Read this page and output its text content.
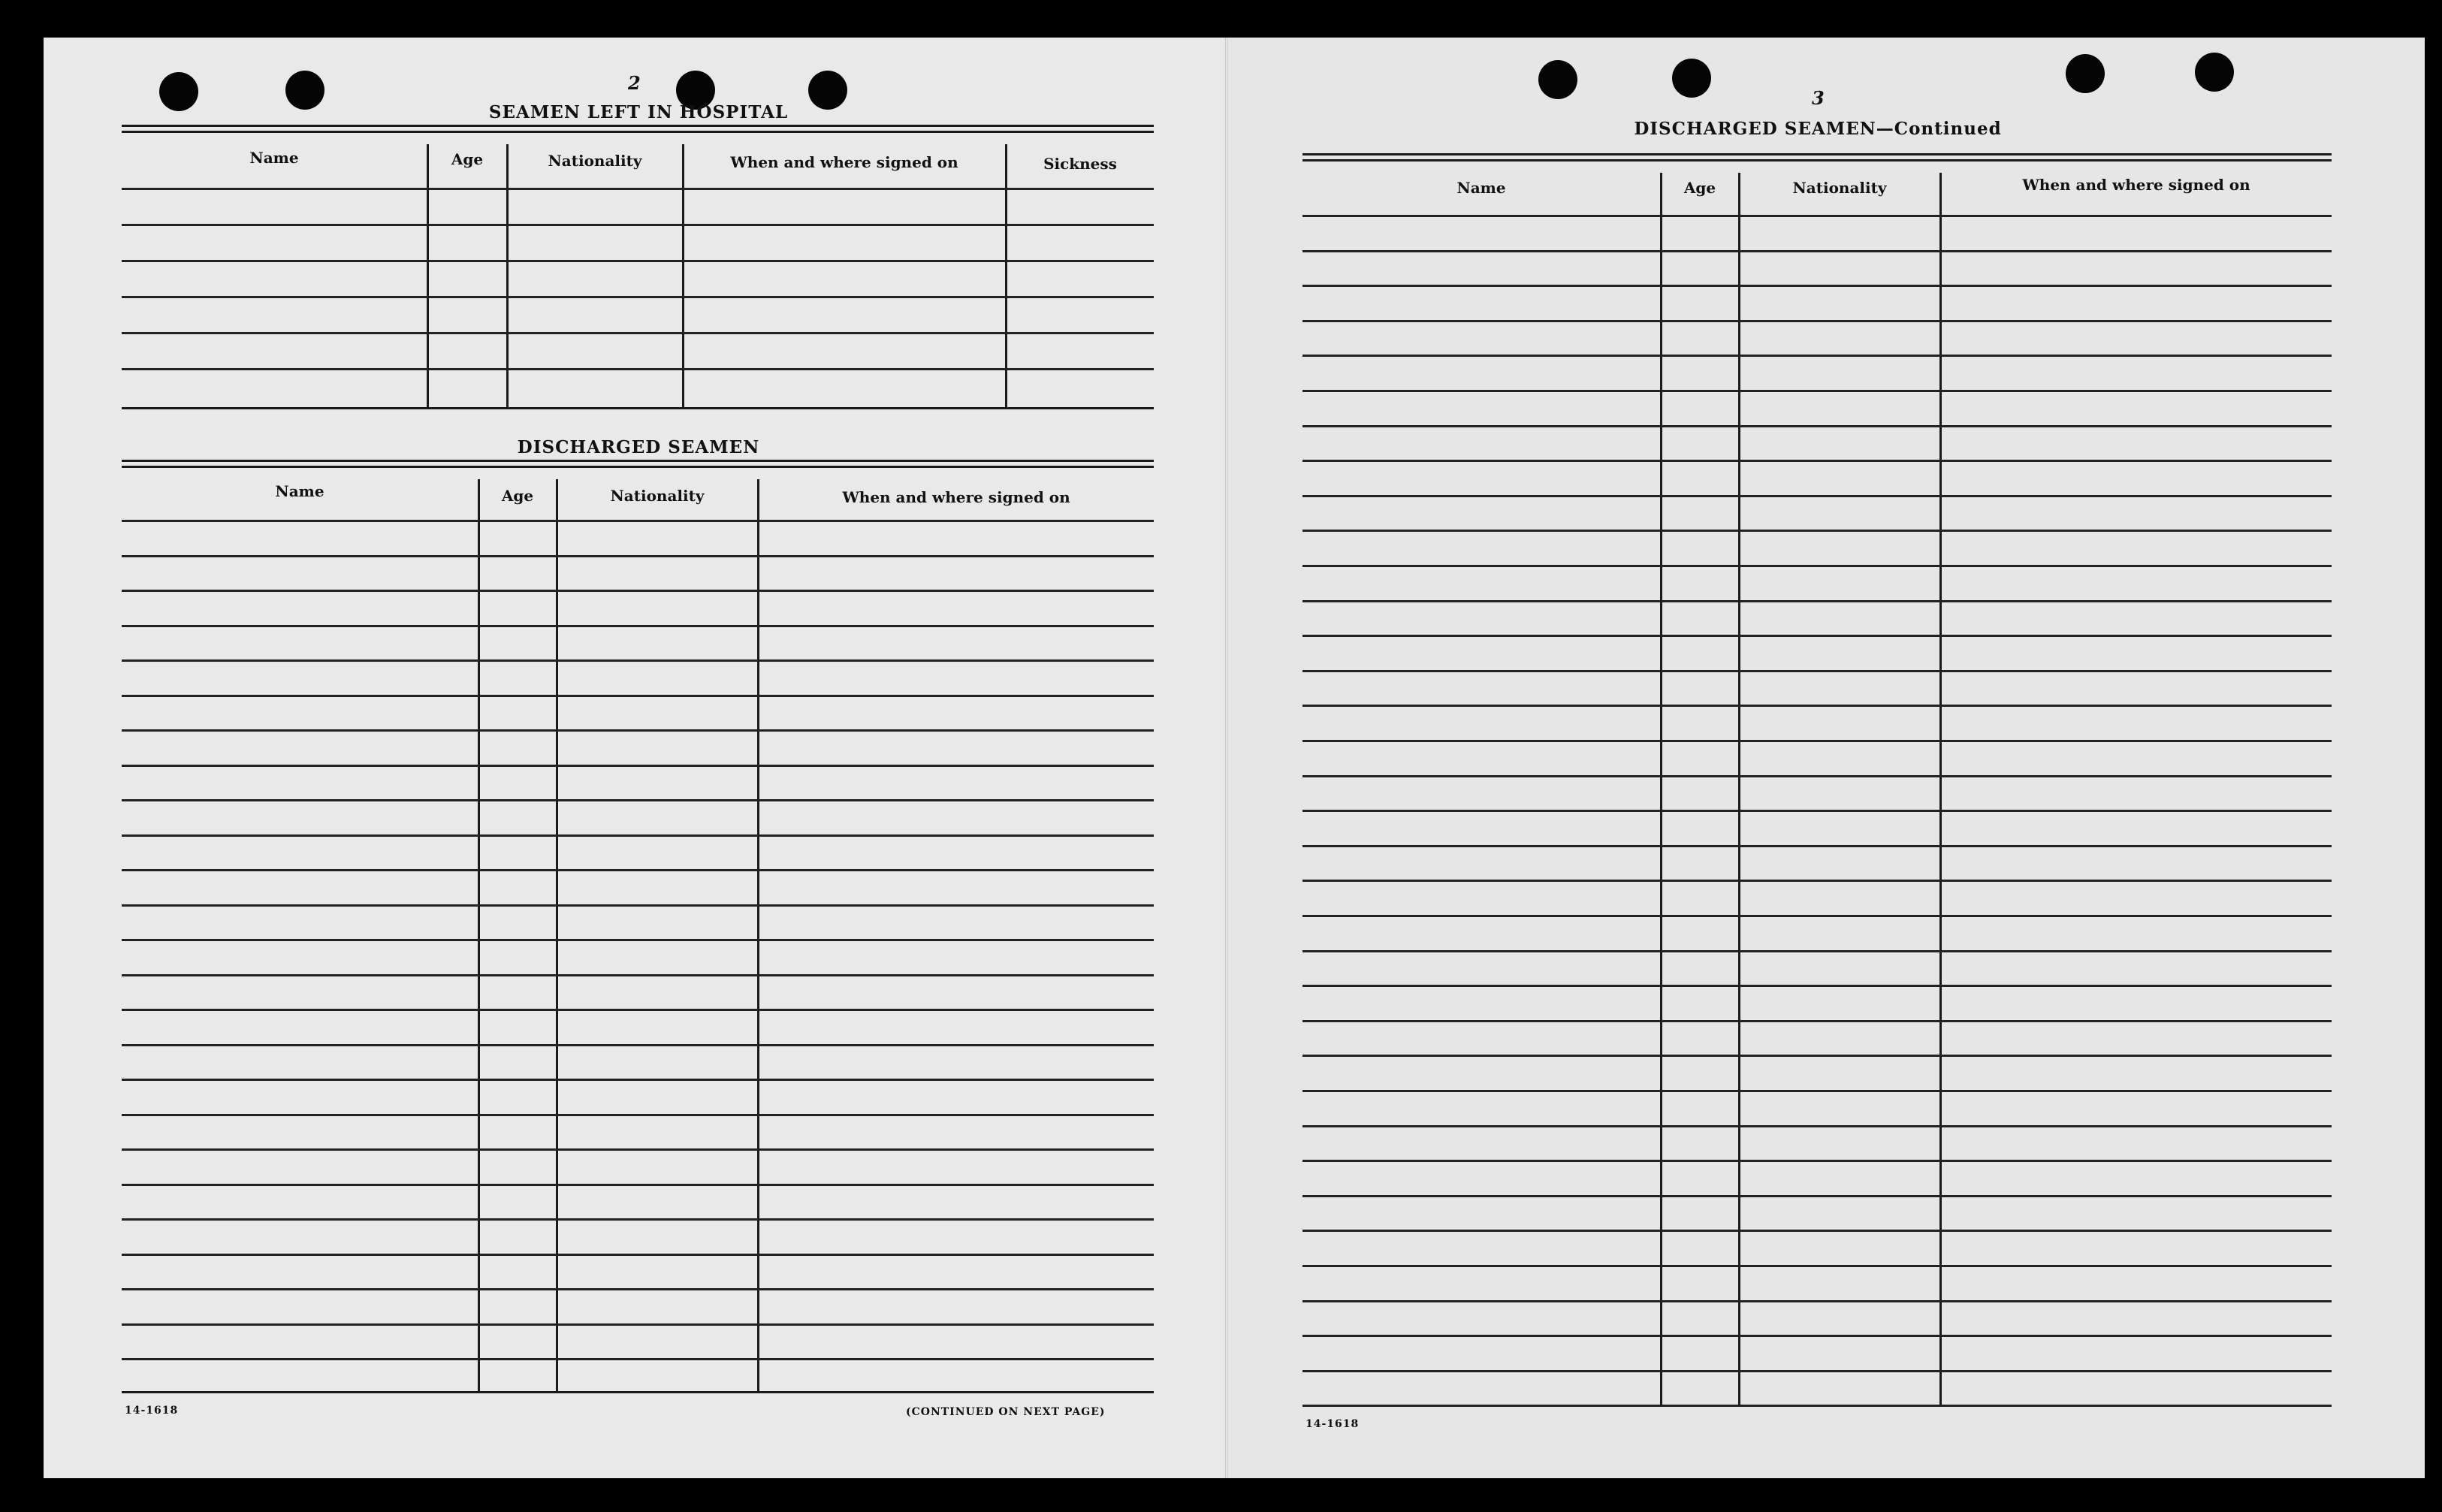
2
SEAMEN LEFT IN HOSPITAL
Name	Age	Nationality	When and where signed on	Sickness
DISCHARGED SEAMEN
Name	Age	Nationality	When and where signed on
14-1618	(CONTINUED ON NEXT PAGE)
3
DISCHARGED SEAMEN—Continued
Name	Age	Nationality	When and where signed on
14-1618
